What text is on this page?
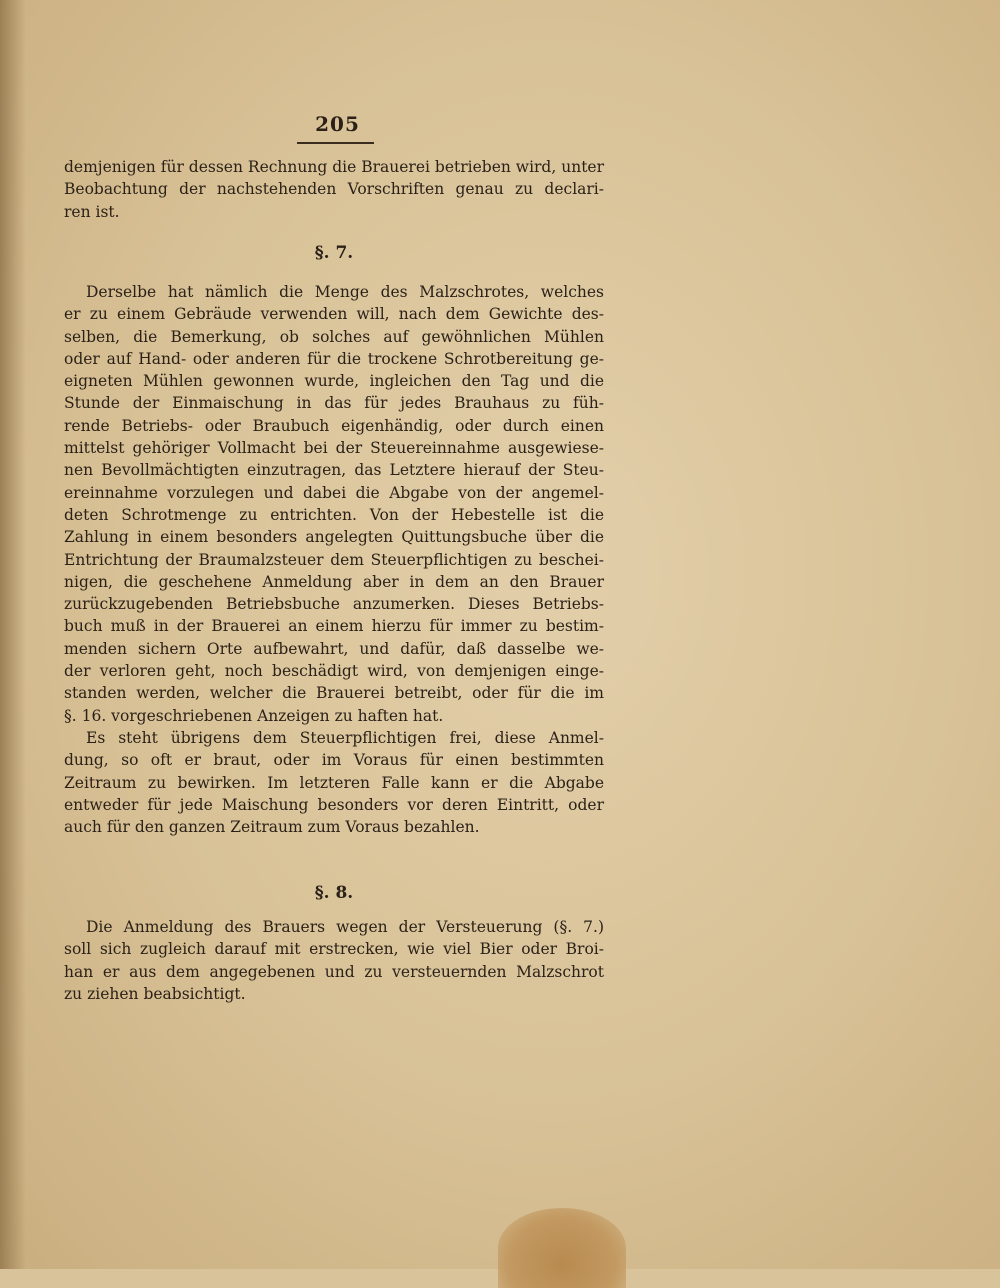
205
demjenigen für dessen Rechnung die Brauerei betrieben wird, unter
Beobachtung der nachstehenden Vorschriften genau zu declari-
ren ist.
§. 7.
Derselbe hat nämlich die Menge des Malzschrotes, welches
er zu einem Gebräude verwenden will, nach dem Gewichte des-
selben, die Bemerkung, ob solches auf gewöhnlichen Mühlen
oder auf Hand- oder anderen für die trockene Schrotbereitung ge-
eigneten Mühlen gewonnen wurde, ingleichen den Tag und die
Stunde der Einmaischung in das für jedes Brauhaus zu füh-
rende Betriebs- oder Braubuch eigenhändig, oder durch einen
mittelst gehöriger Vollmacht bei der Steuereinnahme ausgewiese-
nen Bevollmächtigten einzutragen, das Letztere hierauf der Steu-
ereinnahme vorzulegen und dabei die Abgabe von der angemel-
deten Schrotmenge zu entrichten. Von der Hebestelle ist die
Zahlung in einem besonders angelegten Quittungsbuche über die
Entrichtung der Braumalzsteuer dem Steuerpflichtigen zu beschei-
nigen, die geschehene Anmeldung aber in dem an den Brauer
zurückzugebenden Betriebsbuche anzumerken. Dieses Betriebs-
buch muß in der Brauerei an einem hierzu für immer zu bestim-
menden sichern Orte aufbewahrt, und dafür, daß dasselbe we-
der verloren geht, noch beschädigt wird, von demjenigen einge-
standen werden, welcher die Brauerei betreibt, oder für die im
§. 16. vorgeschriebenen Anzeigen zu haften hat.
Es steht übrigens dem Steuerpflichtigen frei, diese Anmel-
dung, so oft er braut, oder im Voraus für einen bestimmten
Zeitraum zu bewirken. Im letzteren Falle kann er die Abgabe
entweder für jede Maischung besonders vor deren Eintritt, oder
auch für den ganzen Zeitraum zum Voraus bezahlen.
§. 8.
Die Anmeldung des Brauers wegen der Versteuerung (§. 7.)
soll sich zugleich darauf mit erstrecken, wie viel Bier oder Broi-
han er aus dem angegebenen und zu versteuernden Malzschrot
zu ziehen beabsichtigt.
